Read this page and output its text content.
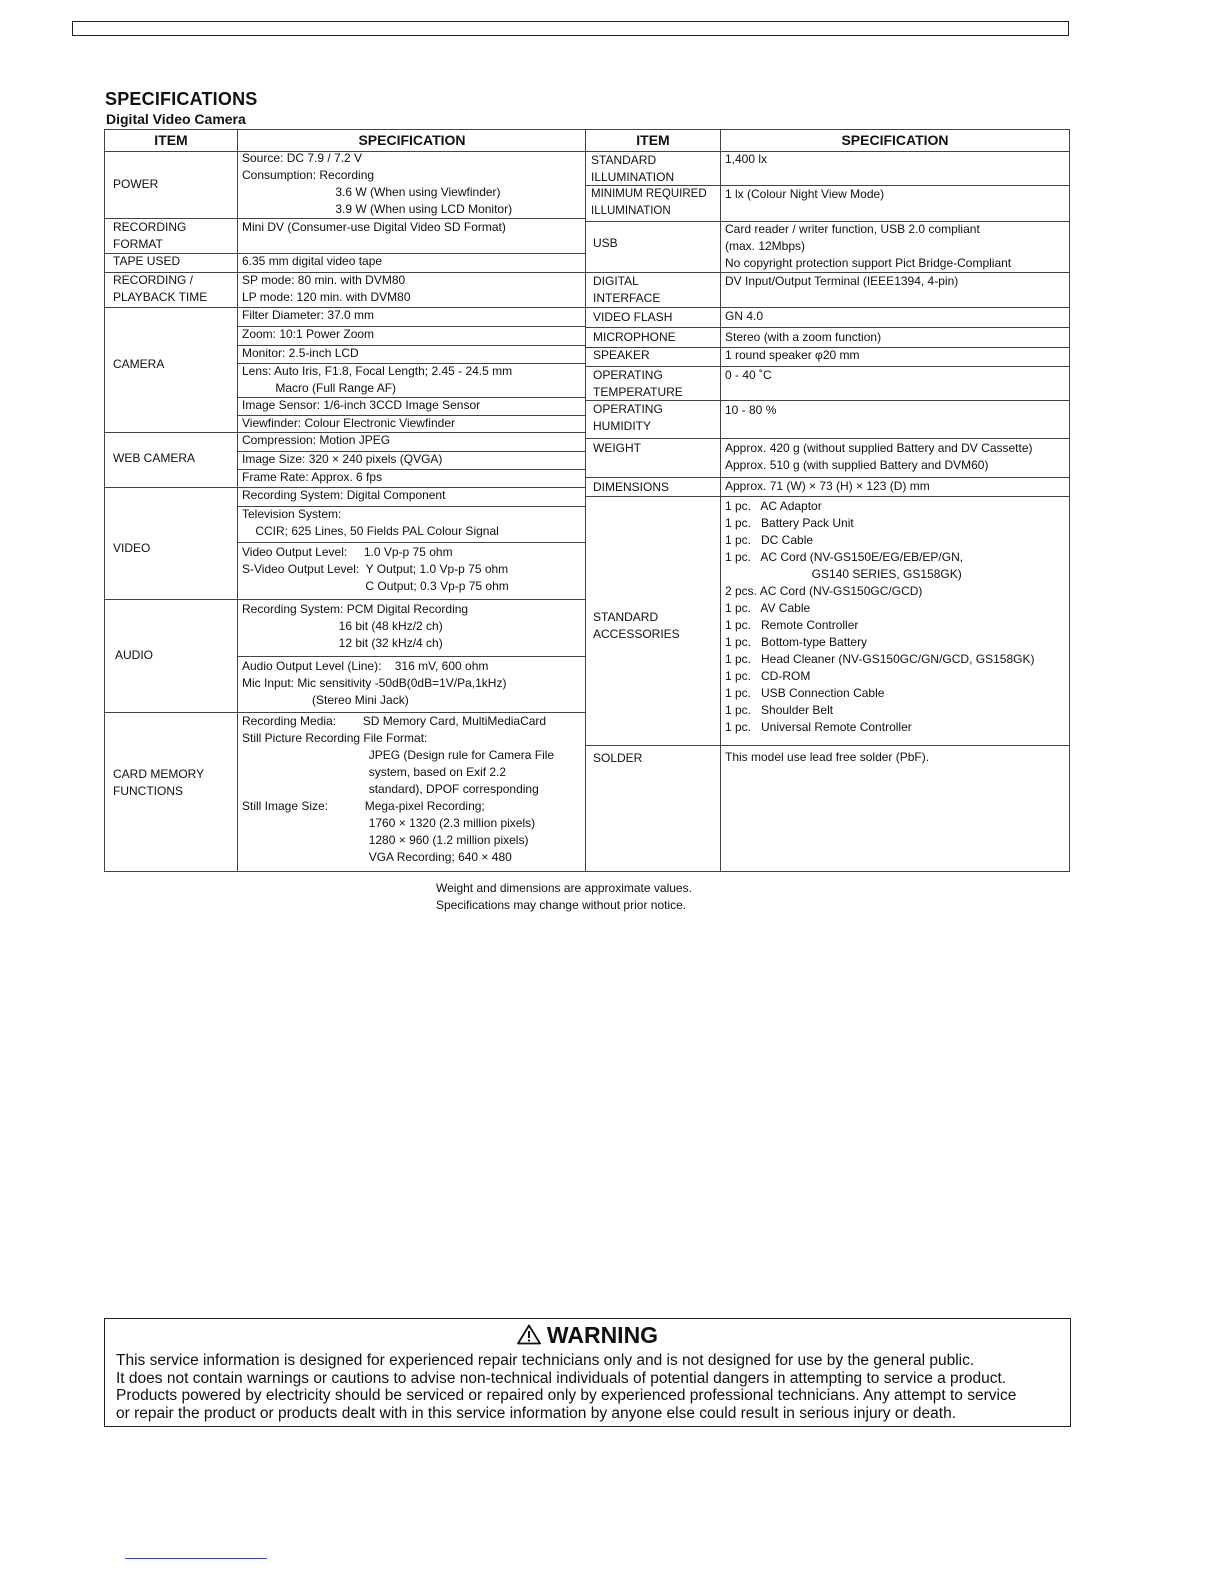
SPECIFICATIONS
Digital Video Camera
ITEM	SPECIFICATION
POWER
RECORDING
FORMAT
TAPE USED
RECORDING /
PLAYBACK TIME
CAMERA
WEB CAMERA
VIDEO
AUDIO
CARD MEMORY
FUNCTIONS
Source: DC 7.9 / 7.2 V
Consumption: Recording
3.6 W (When using Viewfinder)
3.9 W (When using LCD Monitor)
Mini DV (Consumer-use Digital Video SD Format)
6.35 mm digital video tape
SP mode: 80 min. with DVM80
LP mode: 120 min. with DVM80
Filter Diameter: 37.0 mm
Zoom: 10:1 Power Zoom
Monitor: 2.5-inch LCD
Lens: Auto Iris, F1.8, Focal Length; 2.45 - 24.5 mm
Macro (Full Range AF)
Image Sensor: 1/6-inch 3CCD Image Sensor
Viewfinder: Colour Electronic Viewfinder
Compression: Motion JPEG
Image Size: 320 × 240 pixels (QVGA)
Frame Rate: Approx. 6 fps
Recording System: Digital Component
Television System:
CCIR; 625 Lines, 50 Fields PAL Colour Signal
Video Output Level:     1.0 Vp-p 75 ohm
S-Video Output Level:  Y Output; 1.0 Vp-p 75 ohm
C Output; 0.3 Vp-p 75 ohm
Recording System: PCM Digital Recording
16 bit (48 kHz/2 ch)
12 bit (32 kHz/4 ch)
Audio Output Level (Line):    316 mV, 600 ohm
Mic Input: Mic sensitivity -50dB(0dB=1V/Pa,1kHz)
(Stereo Mini Jack)
Recording Media:        SD Memory Card, MultiMediaCard
Still Picture Recording File Format:
JPEG (Design rule for Camera File
system, based on Exif 2.2
standard), DPOF corresponding
Still Image Size:           Mega-pixel Recording;
1760 × 1320 (2.3 million pixels)
1280 × 960 (1.2 million pixels)
VGA Recording; 640 × 480
ITEM	SPECIFICATION
STANDARD
ILLUMINATION
MINIMUM REQUIRED
ILLUMINATION
USB
DIGITAL
INTERFACE
VIDEO FLASH
MICROPHONE
SPEAKER
OPERATING
TEMPERATURE
OPERATING
HUMIDITY
WEIGHT
DIMENSIONS
STANDARD
ACCESSORIES
SOLDER
1,400 lx
1 lx (Colour Night View Mode)
Card reader / writer function, USB 2.0 compliant
(max. 12Mbps)
No copyright protection support Pict Bridge-Compliant
DV Input/Output Terminal (IEEE1394, 4-pin)
GN 4.0
Stereo (with a zoom function)
1 round speaker φ20 mm
0 - 40 ˚C
10 - 80 %
Approx. 420 g (without supplied Battery and DV Cassette)
Approx. 510 g (with supplied Battery and DVM60)
Approx. 71 (W) × 73 (H) × 123 (D) mm
1 pc.   AC Adaptor
1 pc.   Battery Pack Unit
1 pc.   DC Cable
1 pc.   AC Cord (NV-GS150E/EG/EB/EP/GN,
GS140 SERIES, GS158GK)
2 pcs. AC Cord (NV-GS150GC/GCD)
1 pc.   AV Cable
1 pc.   Remote Controller
1 pc.   Bottom-type Battery
1 pc.   Head Cleaner (NV-GS150GC/GN/GCD, GS158GK)
1 pc.   CD-ROM
1 pc.   USB Connection Cable
1 pc.   Shoulder Belt
1 pc.   Universal Remote Controller
This model use lead free solder (PbF).
Weight and dimensions are approximate values.
Specifications may change without prior notice.
WARNING
This service information is designed for experienced repair technicians only and is not designed for use by the general public.
It does not contain warnings or cautions to advise non-technical individuals of potential dangers in attempting to service a product.
Products powered by electricity should be serviced or repaired only by experienced professional technicians. Any attempt to service
or repair the product or products dealt with in this service information by anyone else could result in serious injury or death.
